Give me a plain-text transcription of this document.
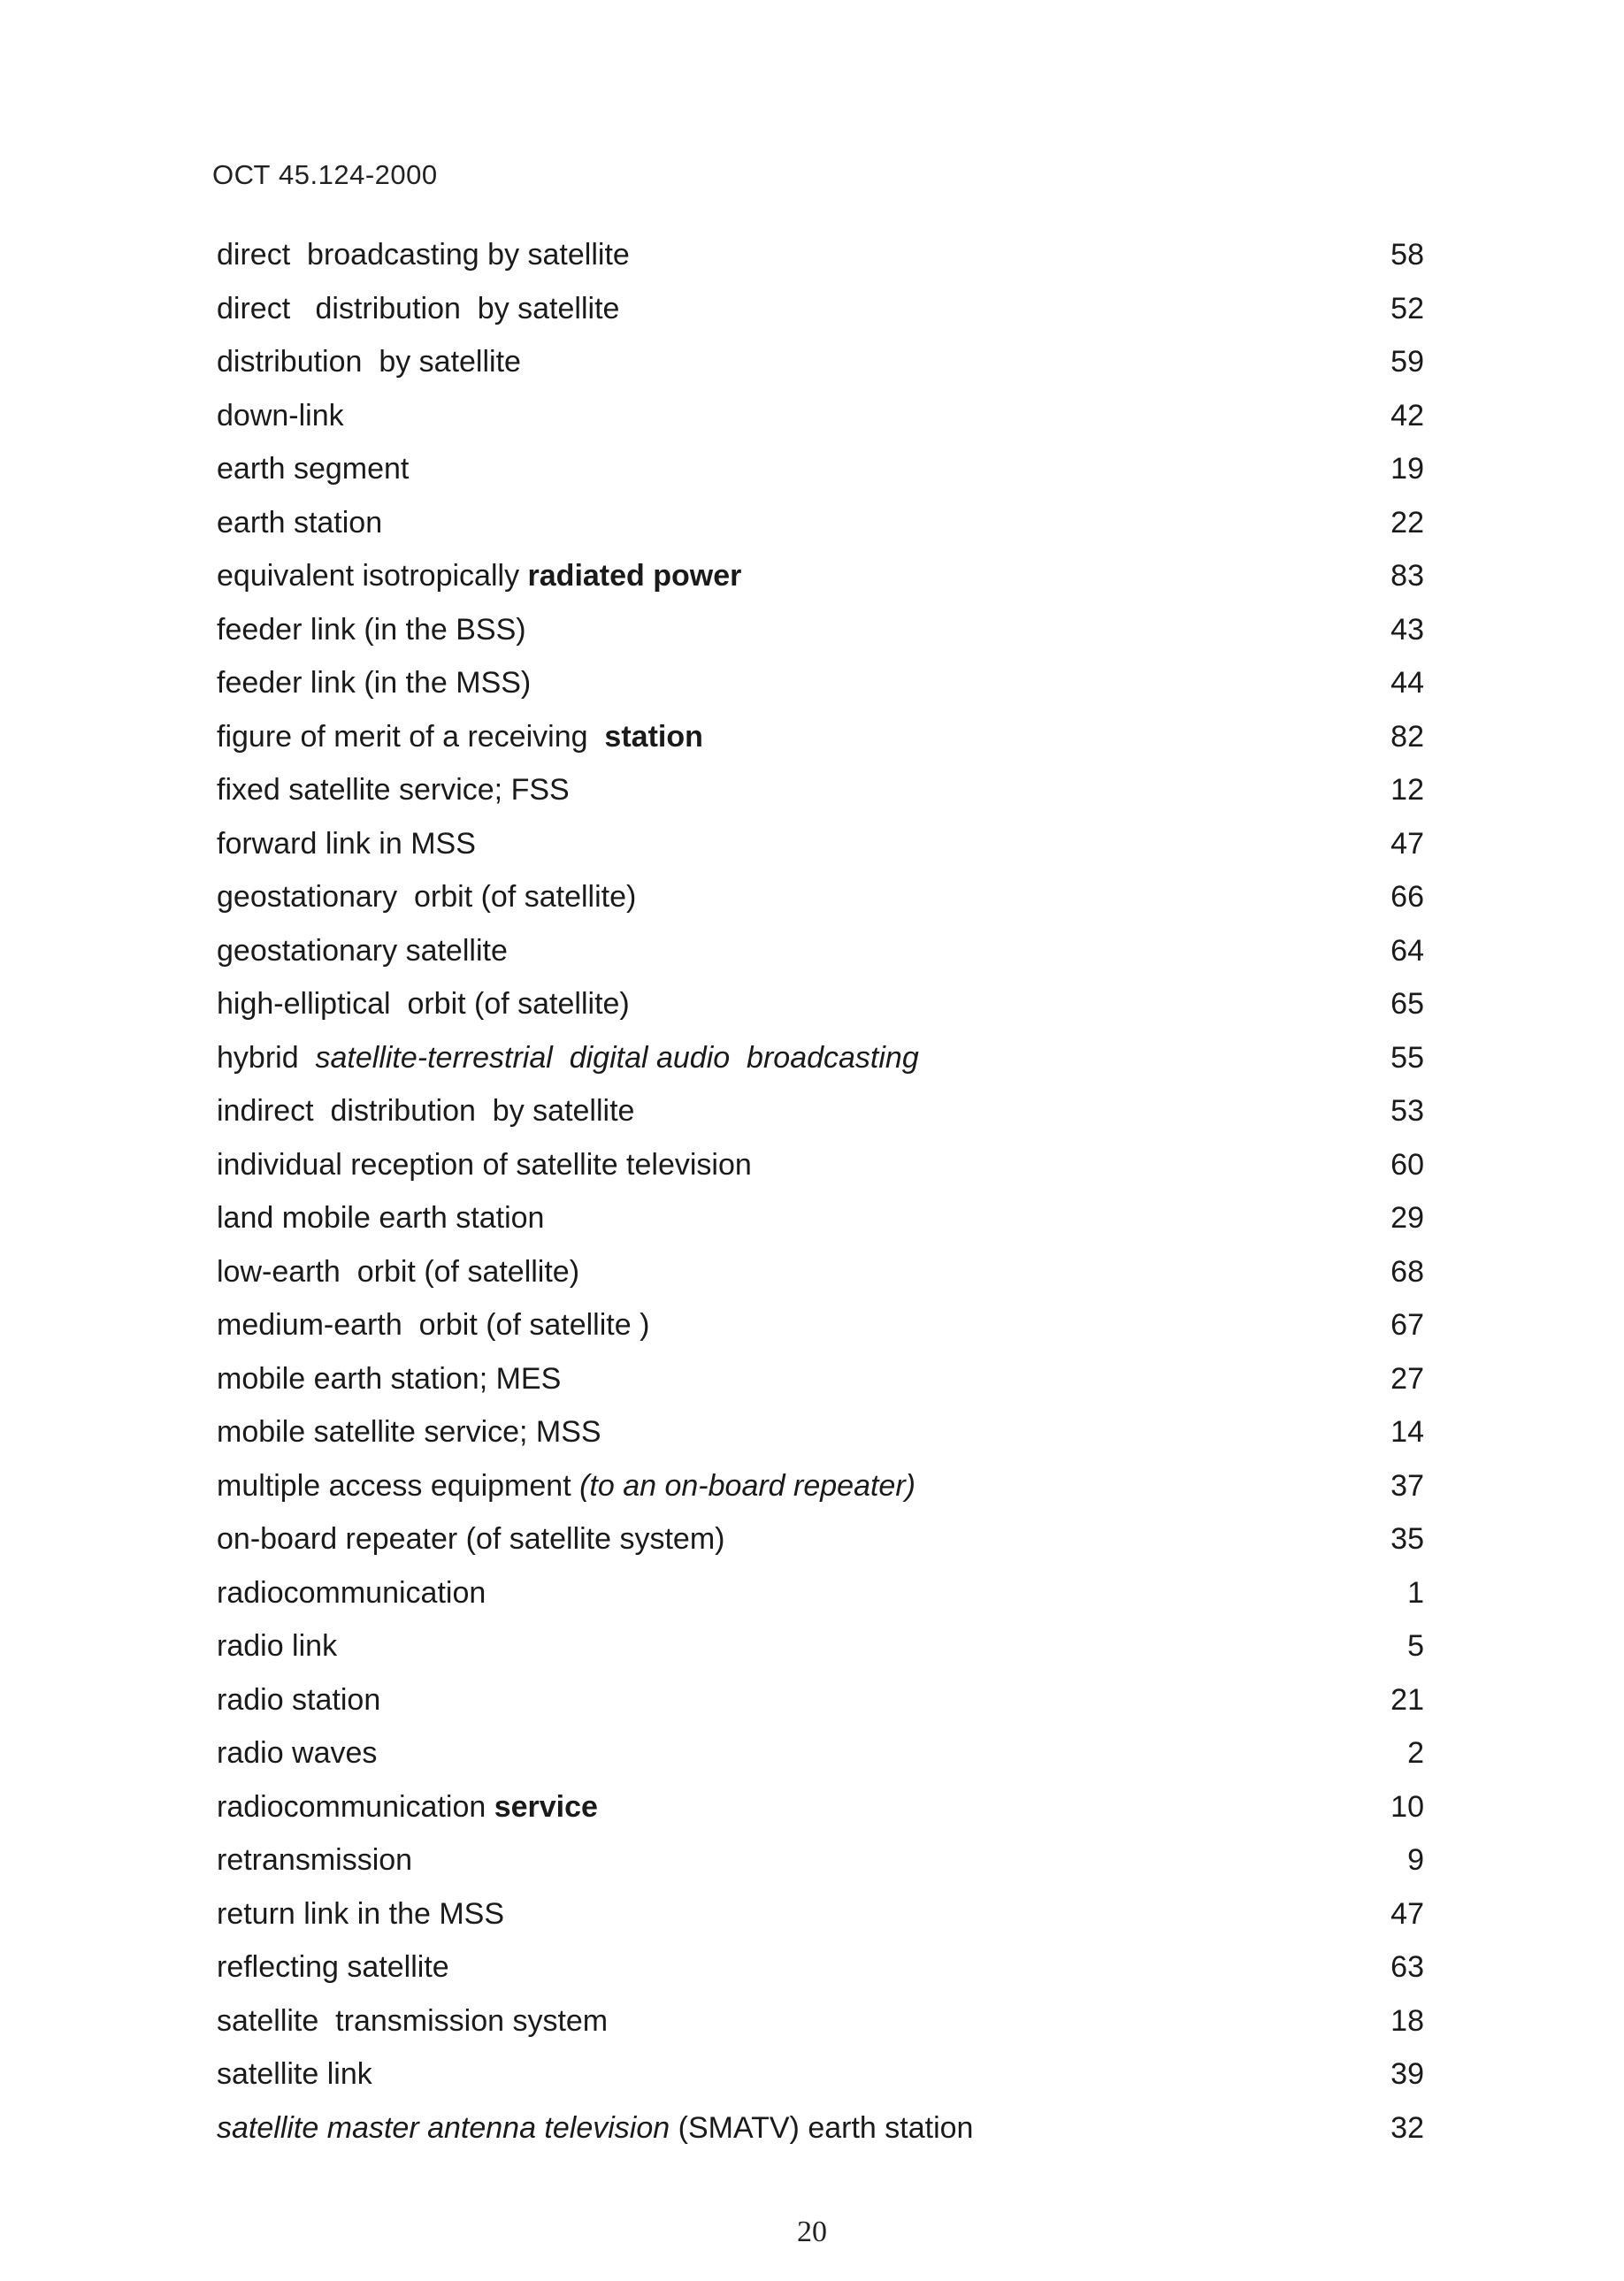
ОСТ 45.124-2000
direct  broadcasting by satellite	58
direct   distribution  by satellite	52
distribution  by satellite	59
down-link	42
earth segment	19
earth station	22
equivalent isotropically radiated power	83
feeder link (in the BSS)	43
feeder link (in the MSS)	44
figure of merit of a receiving  station	82
fixed satellite service; FSS	12
forward link in MSS	47
geostationary  orbit (of satellite)	66
geostationary satellite	64
high-elliptical  orbit (of satellite)	65
hybrid  satellite-terrestrial  digital audio  broadcasting	55
indirect  distribution  by satellite	53
individual reception of satellite television	60
land mobile earth station	29
low-earth  orbit (of satellite)	68
medium-earth  orbit (of satellite )	67
mobile earth station; MES	27
mobile satellite service; MSS	14
multiple access equipment (to an on-board repeater)	37
on-board repeater (of satellite system)	35
radiocommunication	1
radio link	5
radio station	21
radio waves	2
radiocommunication service	10
retransmission	9
return link in the MSS	47
reflecting satellite	63
satellite  transmission system	18
satellite link	39
satellite master antenna television (SMATV) earth station	32
20
